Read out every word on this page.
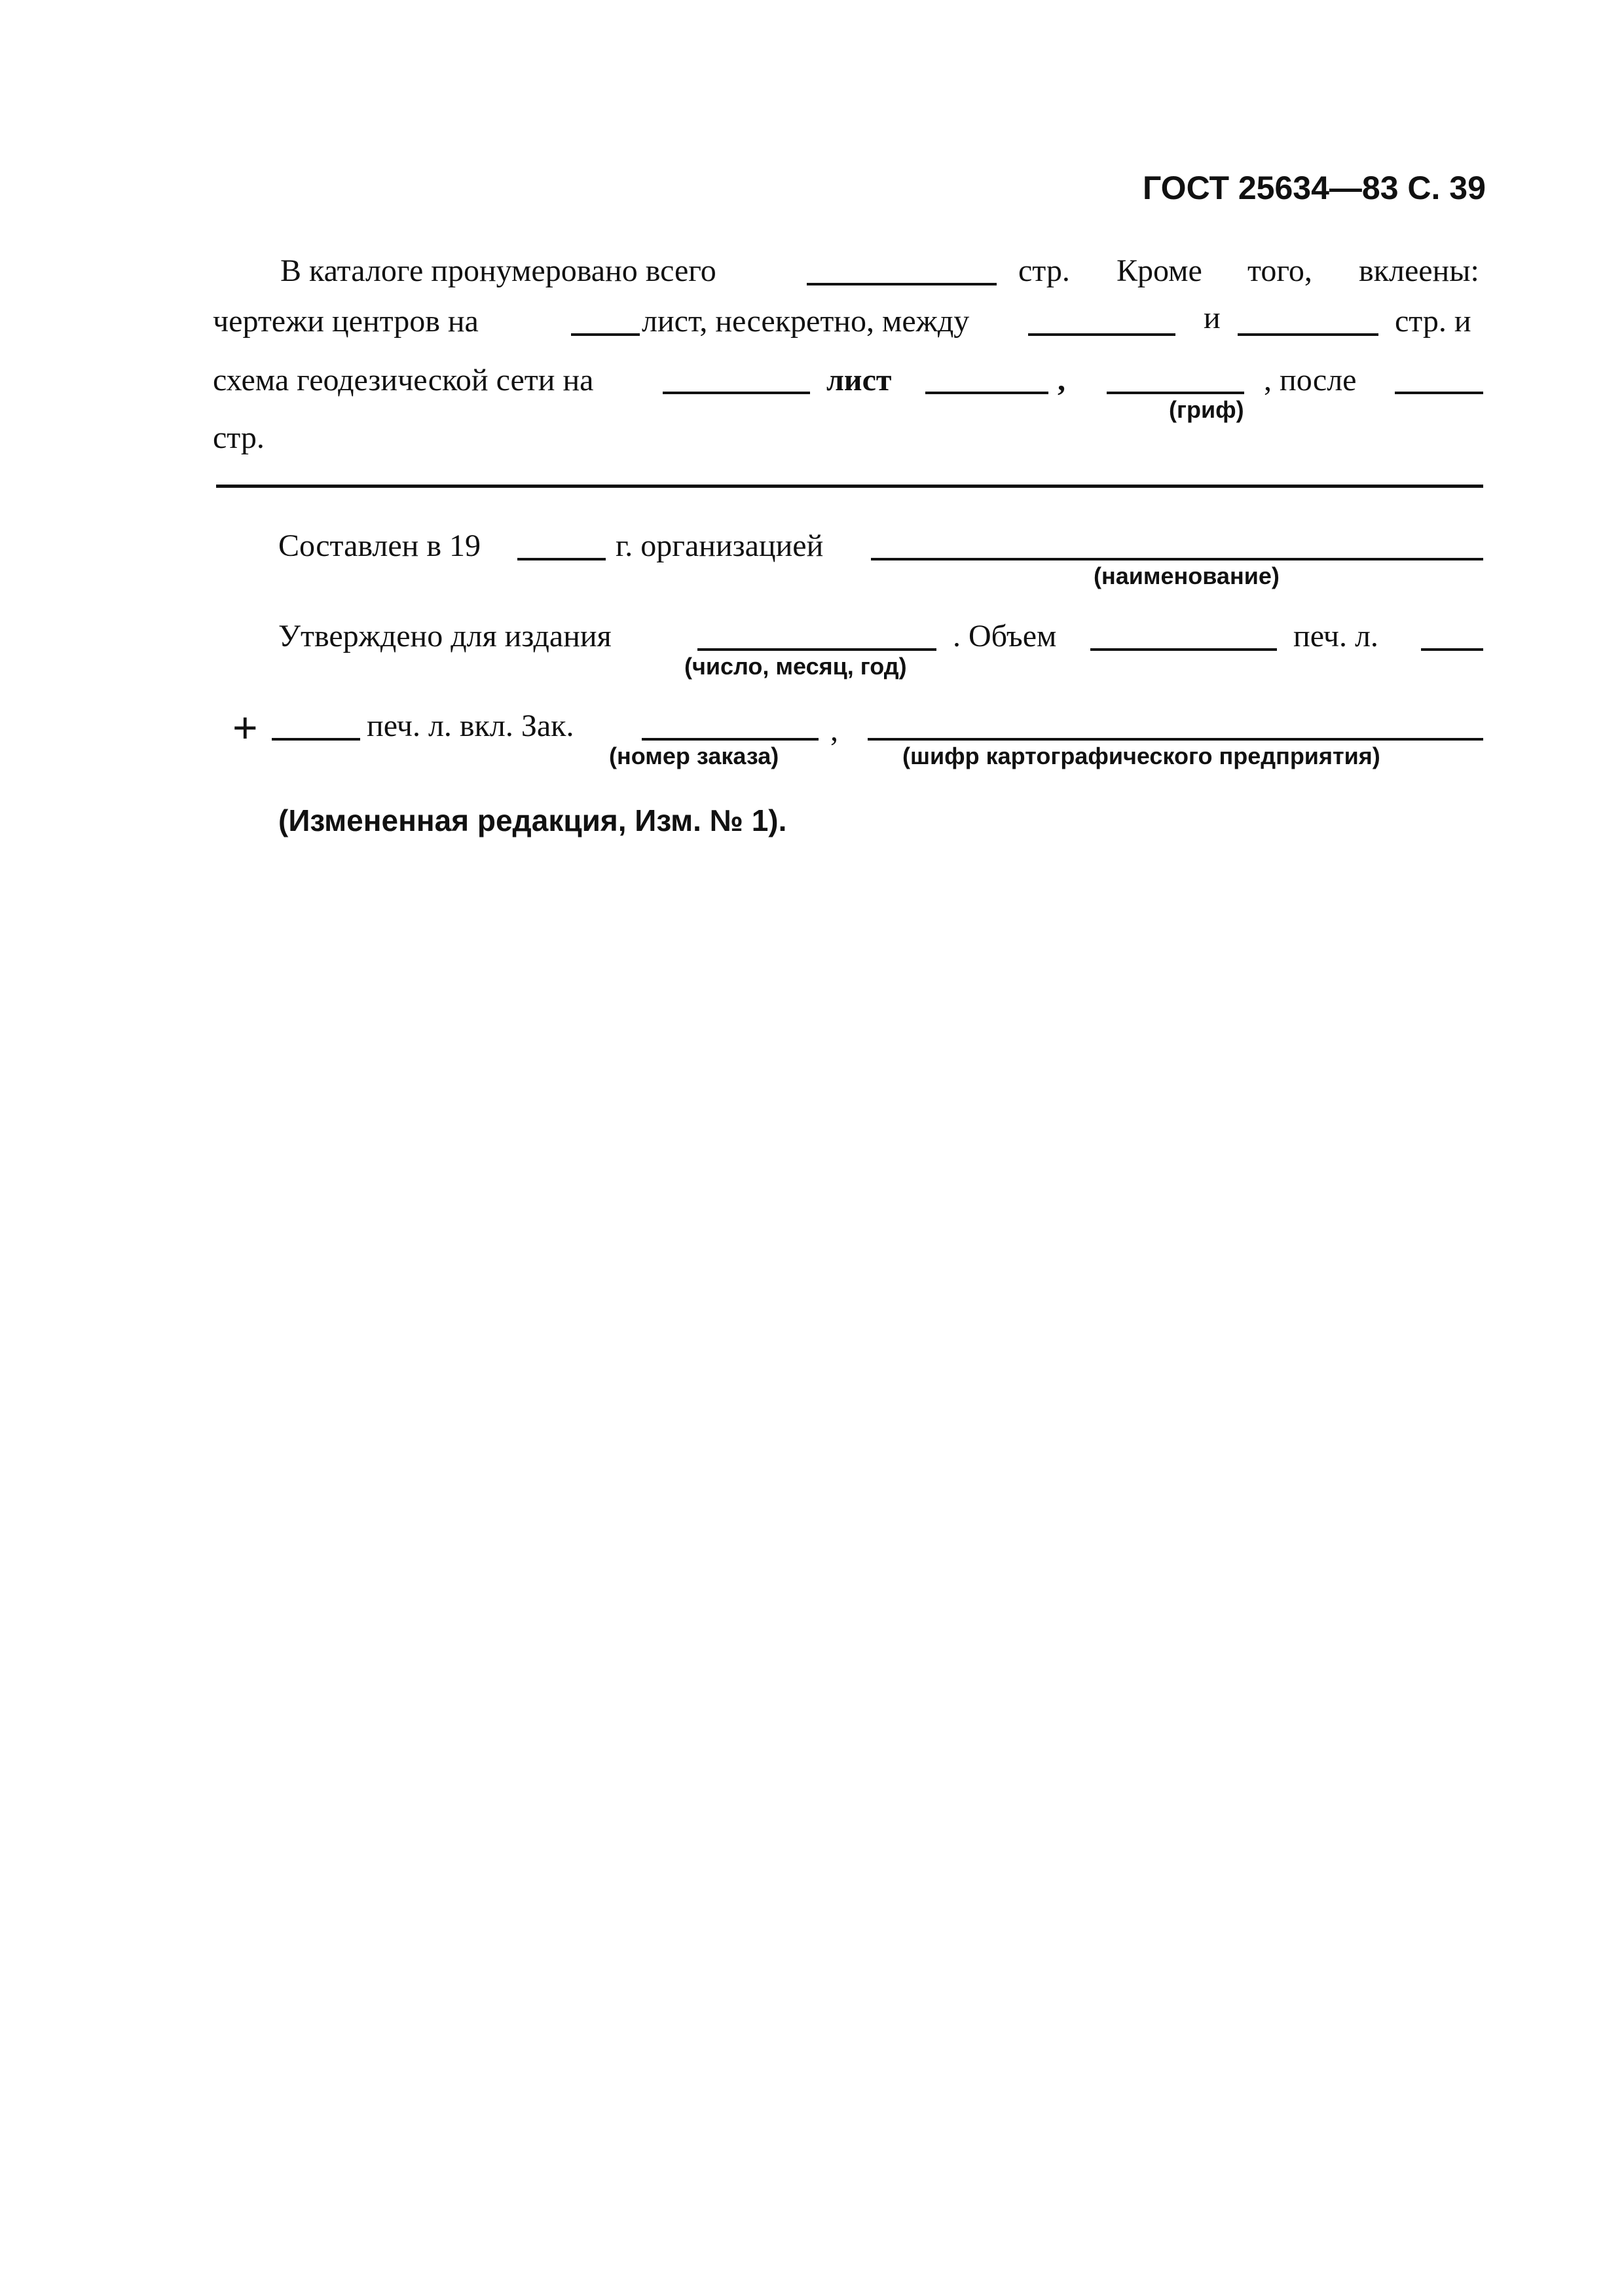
ГОСТ 25634—83 С. 39
В каталоге пронумеровано всего	стр. Кроме того, вклеены:
чертежи центров на	лист, несекретно, между	и	стр. и
схема геодезической сети на	лист	,
(гриф)
, после
стр.
Составлен в 19	г. организацией
(наименование)
Утверждено для издания
(число, месяц, год)
. Объем	печ. л.
+	печ. л. вкл. Зак.
(номер заказа)
,
(шифр картографического предприятия)
(Измененная редакция, Изм. № 1).
